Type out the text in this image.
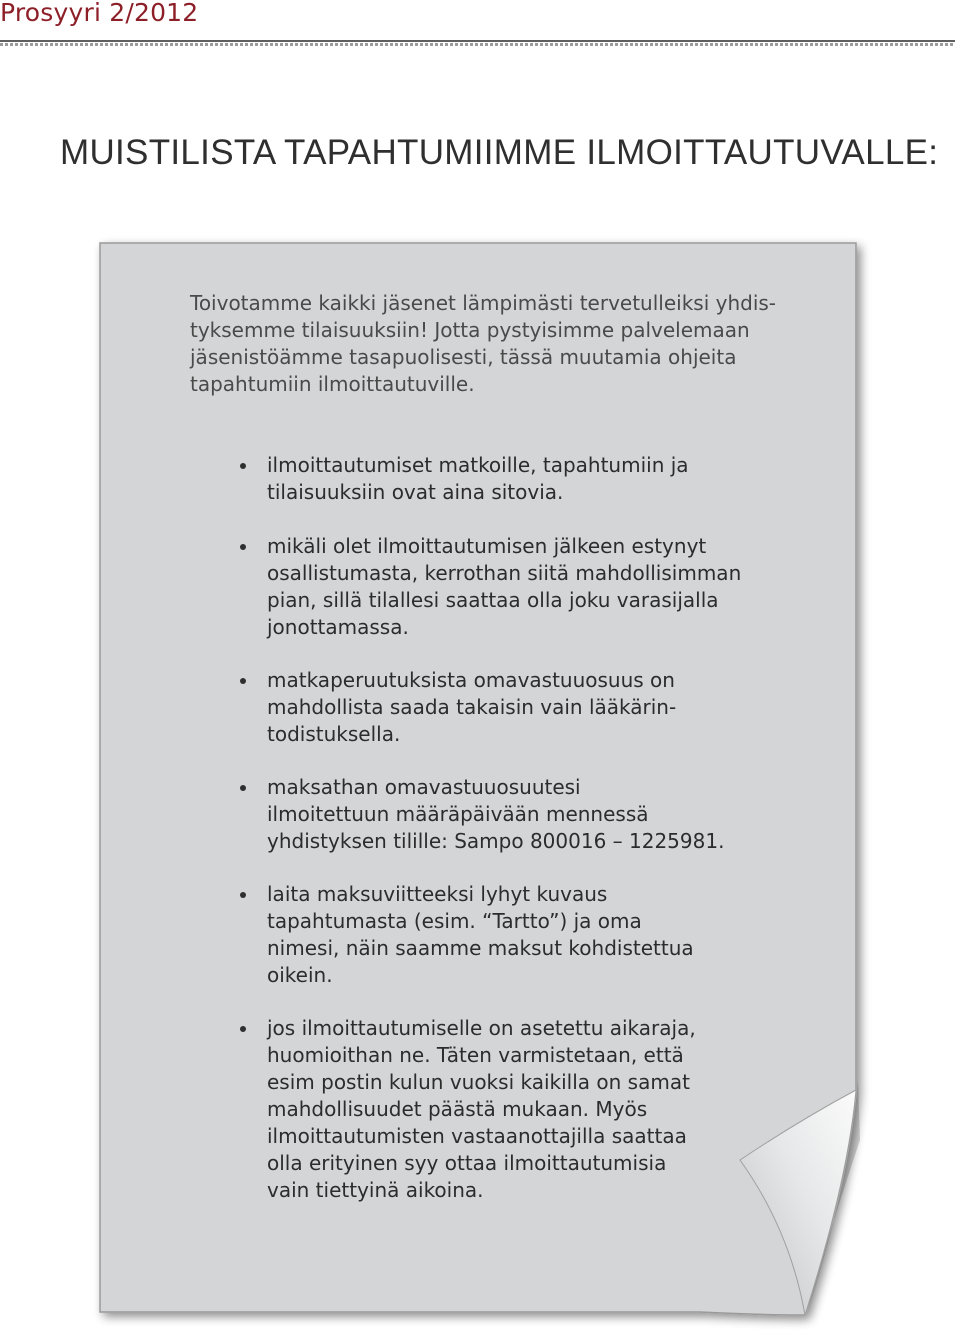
Prosyyri 2/2012
MUISTILISTA TAPAHTUMIIMME ILMOITTAUTUVALLE:
Toivotamme kaikki jäsenet lämpimästi tervetulleiksi yhdis-
tyksemme tilaisuuksiin! Jotta pystyisimme palvelemaan
jäsenistöämme tasapuolisesti, tässä muutamia ohjeita
tapahtumiin ilmoittautuville.
ilmoittautumiset matkoille, tapahtumiin ja
tilaisuuksiin ovat aina sitovia.
mikäli olet ilmoittautumisen jälkeen estynyt
osallistumasta, kerrothan siitä mahdollisimman
pian, sillä tilallesi saattaa olla joku varasijalla
jonottamassa.
matkaperuutuksista omavastuuosuus on
mahdollista saada takaisin vain lääkärin-
todistuksella.
maksathan omavastuuosuutesi
ilmoitettuun määräpäivään mennessä
yhdistyksen tilille: Sampo 800016 – 1225981.
laita maksuviitteeksi lyhyt kuvaus
tapahtumasta (esim. “Tartto”) ja oma
nimesi, näin saamme maksut kohdistettua
oikein.
jos ilmoittautumiselle on asetettu aikaraja,
huomioithan ne. Täten varmistetaan, että
esim postin kulun vuoksi kaikilla on samat
mahdollisuudet päästä mukaan. Myös
ilmoittautumisten vastaanottajilla saattaa
olla erityinen syy ottaa ilmoittautumisia
vain tiettyinä aikoina.
